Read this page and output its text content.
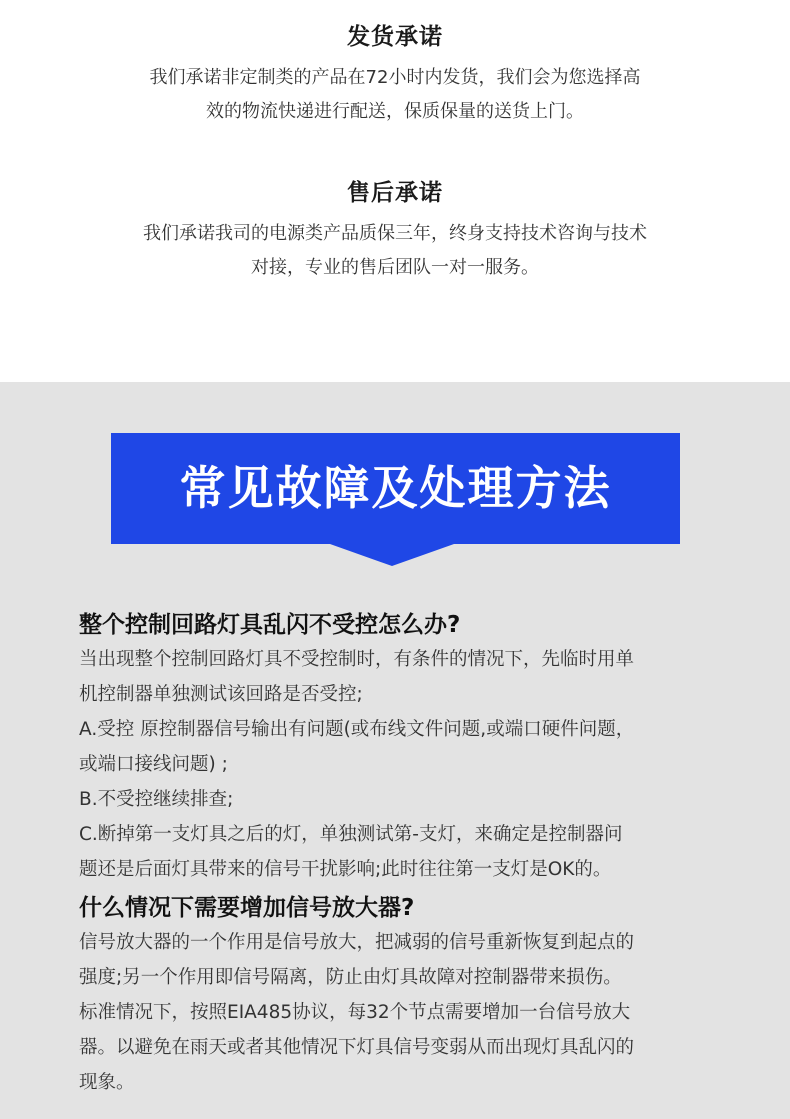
发货承诺
我们承诺非定制类的产品在72小时内发货，我们会为您选择高
效的物流快递进行配送，保质保量的送货上门。
售后承诺
我们承诺我司的电源类产品质保三年，终身支持技术咨询与技术
对接，专业的售后团队一对一服务。
常见故障及处理方法
整个控制回路灯具乱闪不受控怎么办?
当出现整个控制回路灯具不受控制时，有条件的情况下，先临时用单
机控制器单独测试该回路是否受控;
A.受控 原控制器信号输出有问题(或布线文件问题,或端口硬件问题，
或端口接线问题) ;
B.不受控继续排查;
C.断掉第一支灯具之后的灯，单独测试第-支灯，来确定是控制器问
题还是后面灯具带来的信号干扰影响;此时往往第一支灯是OK的。
什么情况下需要增加信号放大器?
信号放大器的一个作用是信号放大，把减弱的信号重新恢复到起点的
强度;另一个作用即信号隔离，防止由灯具故障对控制器带来损伤。
标准情况下，按照EIA485协议，每32个节点需要增加一台信号放大
器。以避免在雨天或者其他情况下灯具信号变弱从而出现灯具乱闪的
现象。
